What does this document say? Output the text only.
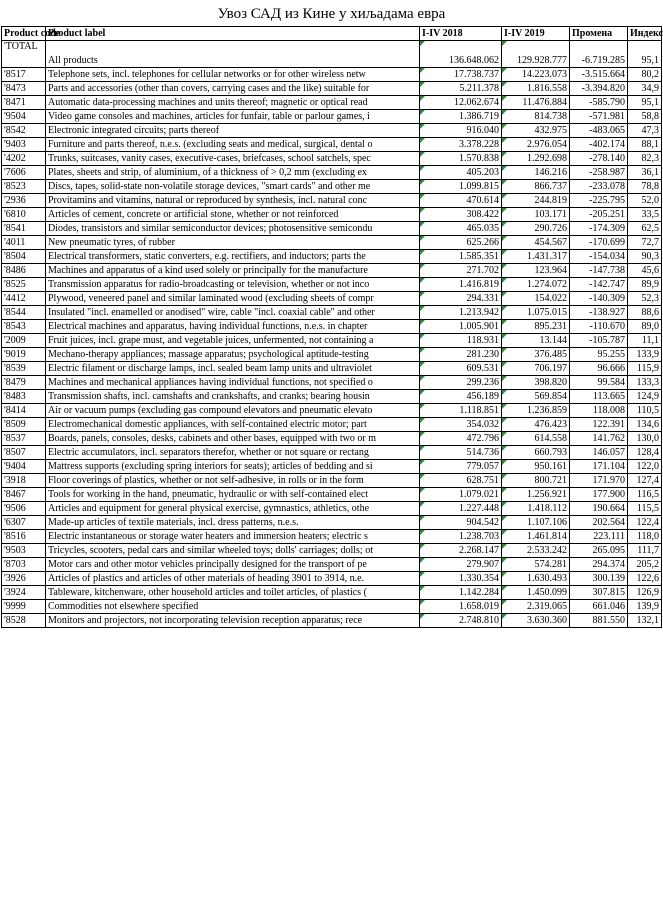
Увоз САД из Кине у хиљадама евра
Product code	Product label	I-IV 2018	I-IV 2019	Промена	Индекс
'TOTAL	All products	136.648.062	129.928.777	-6.719.285	95,1
'8517	Telephone sets, incl. telephones for cellular networks or for other wireless netw	17.738.737	14.223.073	-3.515.664	80,2
'8473	Parts and accessories (other than covers, carrying cases and the like) suitable for	5.211.378	1.816.558	-3.394.820	34,9
'8471	Automatic data-processing machines and units thereof; magnetic or optical read	12.062.674	11.476.884	-585.790	95,1
'9504	Video game consoles and machines, articles for funfair, table or parlour games, i	1.386.719	814.738	-571.981	58,8
'8542	Electronic integrated circuits; parts thereof	916.040	432.975	-483.065	47,3
'9403	Furniture and parts thereof, n.e.s. (excluding seats and medical, surgical, dental o	3.378.228	2.976.054	-402.174	88,1
'4202	Trunks, suitcases, vanity cases, executive-cases, briefcases, school satchels, spec	1.570.838	1.292.698	-278.140	82,3
'7606	Plates, sheets and strip, of aluminium, of a thickness of > 0,2 mm (excluding ex	405.203	146.216	-258.987	36,1
'8523	Discs, tapes, solid-state non-volatile storage devices, "smart cards" and other me	1.099.815	866.737	-233.078	78,8
'2936	Provitamins and vitamins, natural or reproduced by synthesis, incl. natural conc	470.614	244.819	-225.795	52,0
'6810	Articles of cement, concrete or artificial stone, whether or not reinforced	308.422	103.171	-205.251	33,5
'8541	Diodes, transistors and similar semiconductor devices; photosensitive semicondu	465.035	290.726	-174.309	62,5
'4011	New pneumatic tyres, of rubber	625.266	454.567	-170.699	72,7
'8504	Electrical transformers, static converters, e.g. rectifiers, and inductors; parts the	1.585.351	1.431.317	-154.034	90,3
'8486	Machines and apparatus of a kind used solely or principally for the manufacture	271.702	123.964	-147.738	45,6
'8525	Transmission apparatus for radio-broadcasting or television, whether or not inco	1.416.819	1.274.072	-142.747	89,9
'4412	Plywood, veneered panel and similar laminated wood (excluding sheets of compr	294.331	154.022	-140.309	52,3
'8544	Insulated "incl. enamelled or anodised" wire, cable "incl. coaxial cable" and other	1.213.942	1.075.015	-138.927	88,6
'8543	Electrical machines and apparatus, having individual functions, n.e.s. in chapter	1.005.901	895.231	-110.670	89,0
'2009	Fruit juices, incl. grape must, and vegetable juices, unfermented, not containing a	118.931	13.144	-105.787	11,1
'9019	Mechano-therapy appliances; massage apparatus; psychological aptitude-testing	281.230	376.485	95.255	133,9
'8539	Electric filament or discharge lamps, incl. sealed beam lamp units and ultraviolet	609.531	706.197	96.666	115,9
'8479	Machines and mechanical appliances having individual functions, not specified o	299.236	398.820	99.584	133,3
'8483	Transmission shafts, incl. camshafts and crankshafts, and cranks; bearing housin	456.189	569.854	113.665	124,9
'8414	Air or vacuum pumps (excluding gas compound elevators and pneumatic elevato	1.118.851	1.236.859	118.008	110,5
'8509	Electromechanical domestic appliances, with self-contained electric motor; part	354.032	476.423	122.391	134,6
'8537	Boards, panels, consoles, desks, cabinets and other bases, equipped with two or m	472.796	614.558	141.762	130,0
'8507	Electric accumulators, incl. separators therefor, whether or not square or rectang	514.736	660.793	146.057	128,4
'9404	Mattress supports (excluding spring interiors for seats); articles of bedding and si	779.057	950.161	171.104	122,0
'3918	Floor coverings of plastics, whether or not self-adhesive, in rolls or in the form	628.751	800.721	171.970	127,4
'8467	Tools for working in the hand, pneumatic, hydraulic or with self-contained elect	1.079.021	1.256.921	177.900	116,5
'9506	Articles and equipment for general physical exercise, gymnastics, athletics, othe	1.227.448	1.418.112	190.664	115,5
'6307	Made-up articles of textile materials, incl. dress patterns, n.e.s.	904.542	1.107.106	202.564	122,4
'8516	Electric instantaneous or storage water heaters and immersion heaters; electric s	1.238.703	1.461.814	223.111	118,0
'9503	Tricycles, scooters, pedal cars and similar wheeled toys; dolls' carriages; dolls; ot	2.268.147	2.533.242	265.095	111,7
'8703	Motor cars and other motor vehicles principally designed for the transport of pe	279.907	574.281	294.374	205,2
'3926	Articles of plastics and articles of other materials of heading 3901 to 3914, n.e.	1.330.354	1.630.493	300.139	122,6
'3924	Tableware, kitchenware, other household articles and toilet articles, of plastics (	1.142.284	1.450.099	307.815	126,9
'9999	Commodities not elsewhere specified	1.658.019	2.319.065	661.046	139,9
'8528	Monitors and projectors, not incorporating television reception apparatus; rece	2.748.810	3.630.360	881.550	132,1
